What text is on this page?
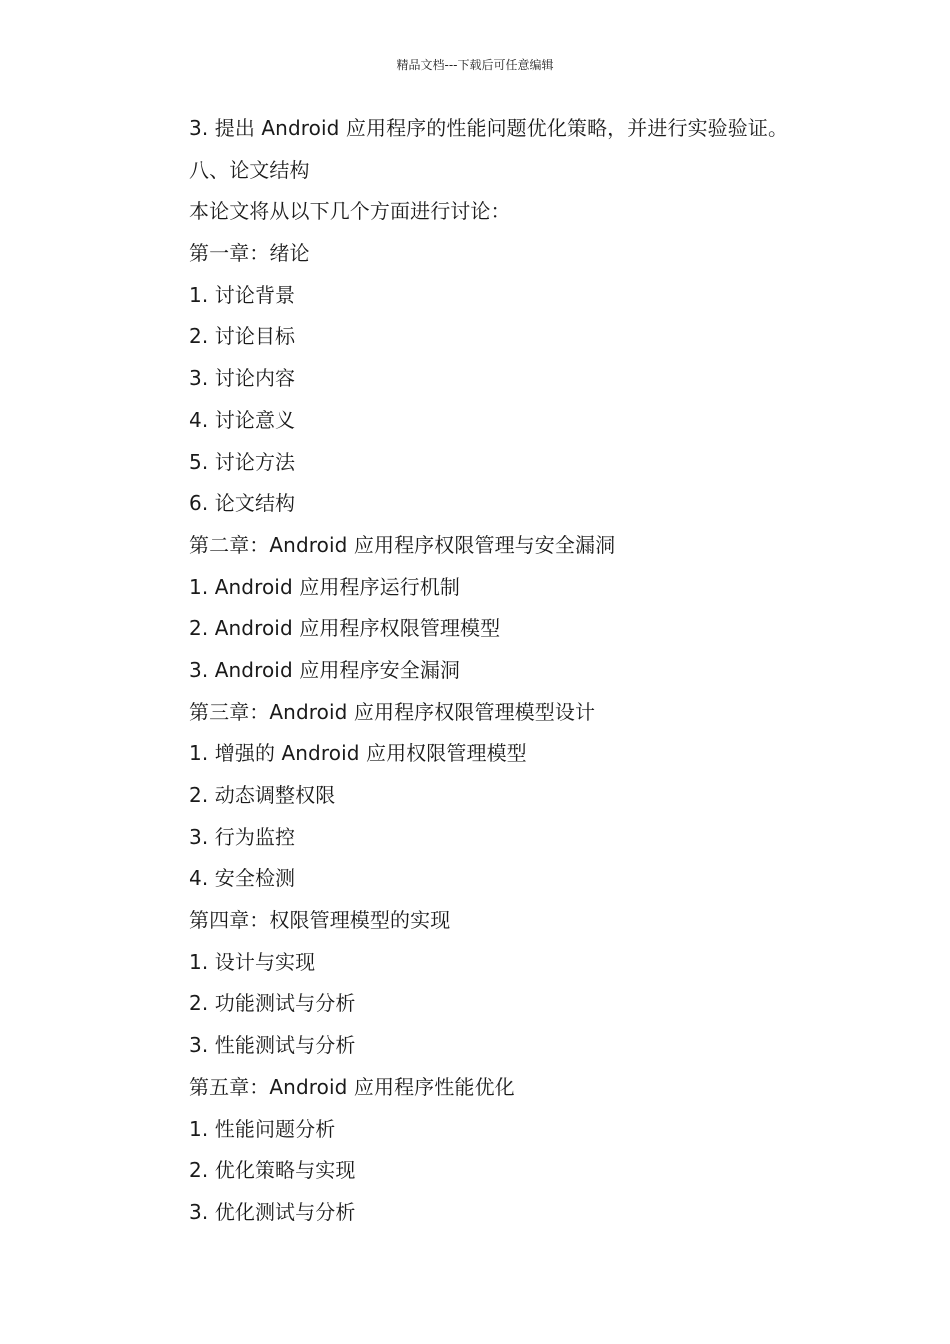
精品文档---下载后可任意编辑
3. 提出 Android 应用程序的性能问题优化策略，并进行实验验证。
八、论文结构
本论文将从以下几个方面进行讨论：
第一章：绪论
1. 讨论背景
2. 讨论目标
3. 讨论内容
4. 讨论意义
5. 讨论方法
6. 论文结构
第二章：Android 应用程序权限管理与安全漏洞
1. Android 应用程序运行机制
2. Android 应用程序权限管理模型
3. Android 应用程序安全漏洞
第三章：Android 应用程序权限管理模型设计
1. 增强的 Android 应用权限管理模型
2. 动态调整权限
3. 行为监控
4. 安全检测
第四章：权限管理模型的实现
1. 设计与实现
2. 功能测试与分析
3. 性能测试与分析
第五章：Android 应用程序性能优化
1. 性能问题分析
2. 优化策略与实现
3. 优化测试与分析
